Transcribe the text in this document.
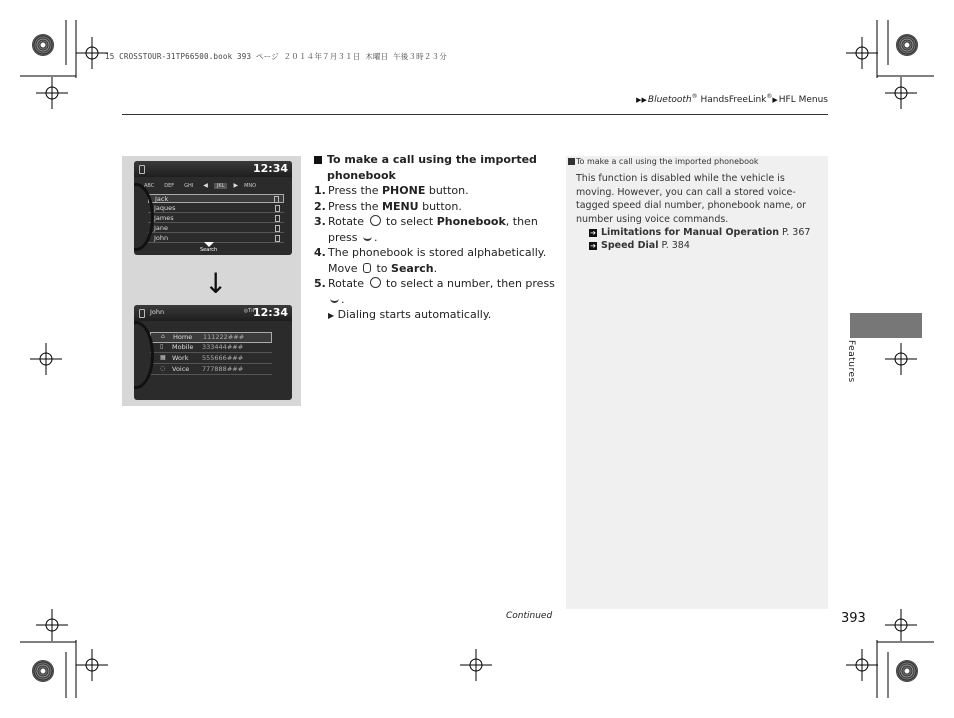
15 CROSSTOUR-31TP66500.book 393 ページ ２０１４年７月３１日 木曜日 午後３時２３分
▶▶Bluetooth® HandsFreeLink®▶HFL Menus
12:34
ABC DEF GHI ◀	JKL	▶ MNO
Jack
Jaques
James
Jane
John
Search
↓
John	◎Tıl
12:34
⌂ Home 111222###
▯ Mobile 333444###
▦ Work 555666###
◌ Voice 777888###
To make a call using the imported phonebook
1. Press the PHONE button.
2. Press the MENU button.
3. Rotate  to select Phonebook, then press .
4. The phonebook is stored alphabetically. Move  to Search.
5. Rotate  to select a number, then press .
▶ Dialing starts automatically.
To make a call using the imported phonebook
This function is disabled while the vehicle is moving. However, you can call a stored voice-tagged speed dial number, phonebook name, or number using voice commands.
➔ Limitations for Manual Operation P. 367
➔ Speed Dial P. 384
Features
Continued	393
